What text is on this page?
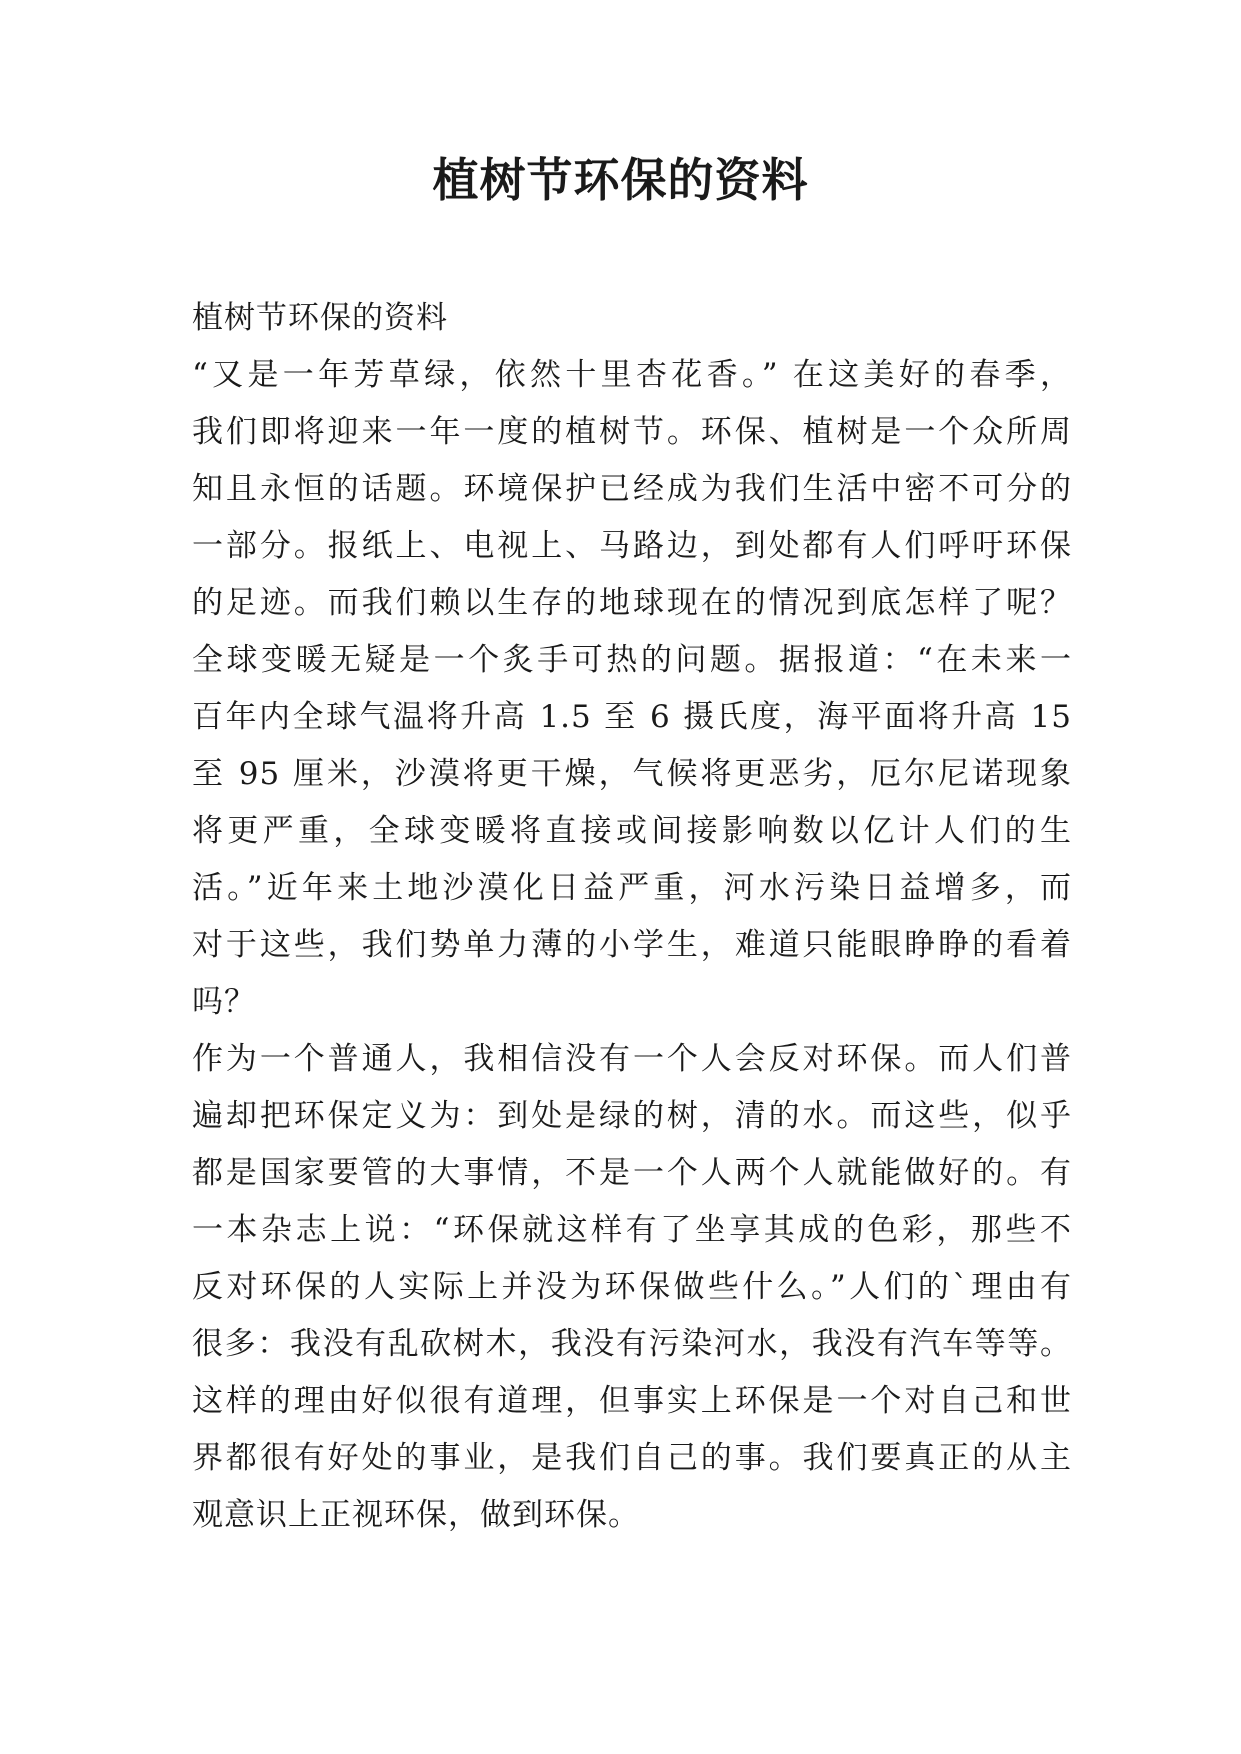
植树节环保的资料
植树节环保的资料
“又是一年芳草绿，依然十里杏花香。” 在这美好的春季，
我们即将迎来一年一度的植树节。环保、植树是一个众所周
知且永恒的话题。环境保护已经成为我们生活中密不可分的
一部分。报纸上、电视上、马路边，到处都有人们呼吁环保
的足迹。而我们赖以生存的地球现在的情况到底怎样了呢？
全球变暖无疑是一个炙手可热的问题。据报道：“在未来一
百年内全球气温将升高 1.5 至 6 摄氏度，海平面将升高 15
至 95 厘米，沙漠将更干燥，气候将更恶劣，厄尔尼诺现象
将更严重，全球变暖将直接或间接影响数以亿计人们的生
活。”近年来土地沙漠化日益严重，河水污染日益增多，而
对于这些，我们势单力薄的小学生，难道只能眼睁睁的看着
吗？
作为一个普通人，我相信没有一个人会反对环保。而人们普
遍却把环保定义为：到处是绿的树，清的水。而这些，似乎
都是国家要管的大事情，不是一个人两个人就能做好的。有
一本杂志上说：“环保就这样有了坐享其成的色彩，那些不
反对环保的人实际上并没为环保做些什么。”人们的`理由有
很多：我没有乱砍树木，我没有污染河水，我没有汽车等等。
这样的理由好似很有道理，但事实上环保是一个对自己和世
界都很有好处的事业，是我们自己的事。我们要真正的从主
观意识上正视环保，做到环保。
